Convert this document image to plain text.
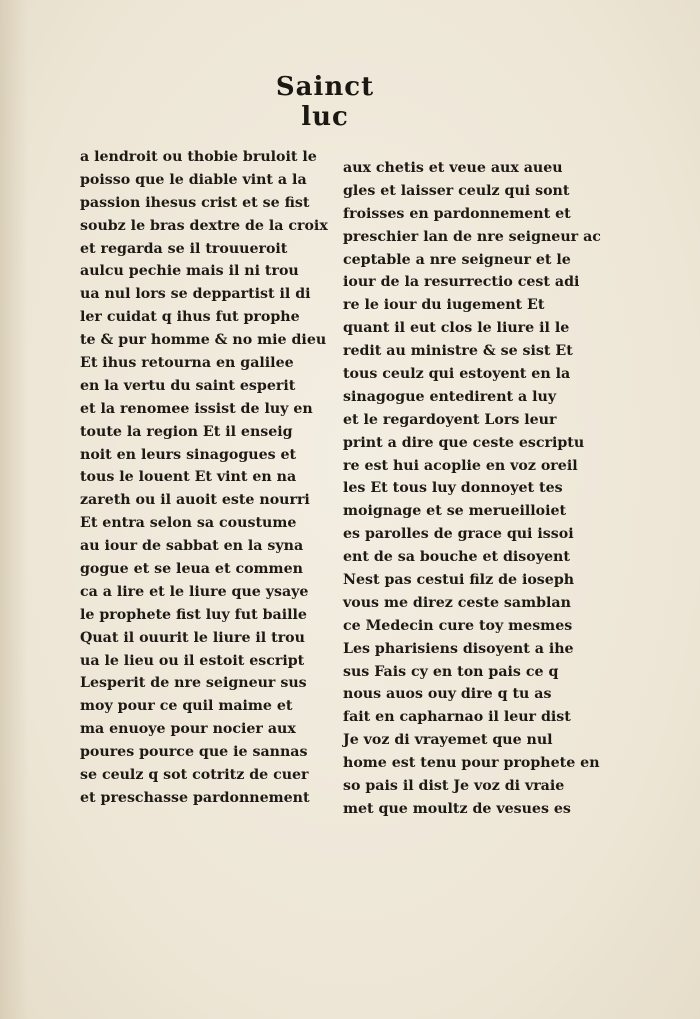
Sainct luc
a lendroit ou thobie bruloit le
poisso que le diable vint a la
passion ihesus crist et se fist
soubz le bras dextre de la croix
et regarda se il trouueroit
aulcu pechie mais il ni trou
ua nul lors se deppartist il di
ler cuidat q ihus fut prophe
te & pur homme & no mie dieu
Et ihus retourna en galilee
en la vertu du saint esperit
et la renomee issist de luy en
toute la region Et il enseig
noit en leurs sinagogues et
tous le louent Et vint en na
zareth ou il auoit este nourri
Et entra selon sa coustume
au iour de sabbat en la syna
gogue et se leua et commen
ca a lire et le liure que ysaye
le prophete fist luy fut baille
Quat il ouurit le liure il trou
ua le lieu ou il estoit escript
Lesperit de nre seigneur sus
moy pour ce quil maime et
ma enuoye pour nocier aux
poures pource que ie sannas
se ceulz q sot cotritz de cuer
et preschasse pardonnement
aux chetis et veue aux aueu
gles et laisser ceulz qui sont
froisses en pardonnement et
preschier lan de nre seigneur ac
ceptable a nre seigneur et le
iour de la resurrectio cest adi
re le iour du iugement Et
quant il eut clos le liure il le
redit au ministre & se sist Et
tous ceulz qui estoyent en la
sinagogue entedirent a luy
et le regardoyent Lors leur
print a dire que ceste escriptu
re est hui acoplie en voz oreil
les Et tous luy donnoyet tes
moignage et se merueilloiet
es parolles de grace qui issoi
ent de sa bouche et disoyent
Nest pas cestui filz de ioseph
vous me direz ceste samblan
ce Medecin cure toy mesmes
Les pharisiens disoyent a ihe
sus Fais cy en ton pais ce q
nous auos ouy dire q tu as
fait en capharnao il leur dist
Je voz di vrayemet que nul
home est tenu pour prophete en
so pais il dist Je voz di vraie
met que moultz de vesues es
